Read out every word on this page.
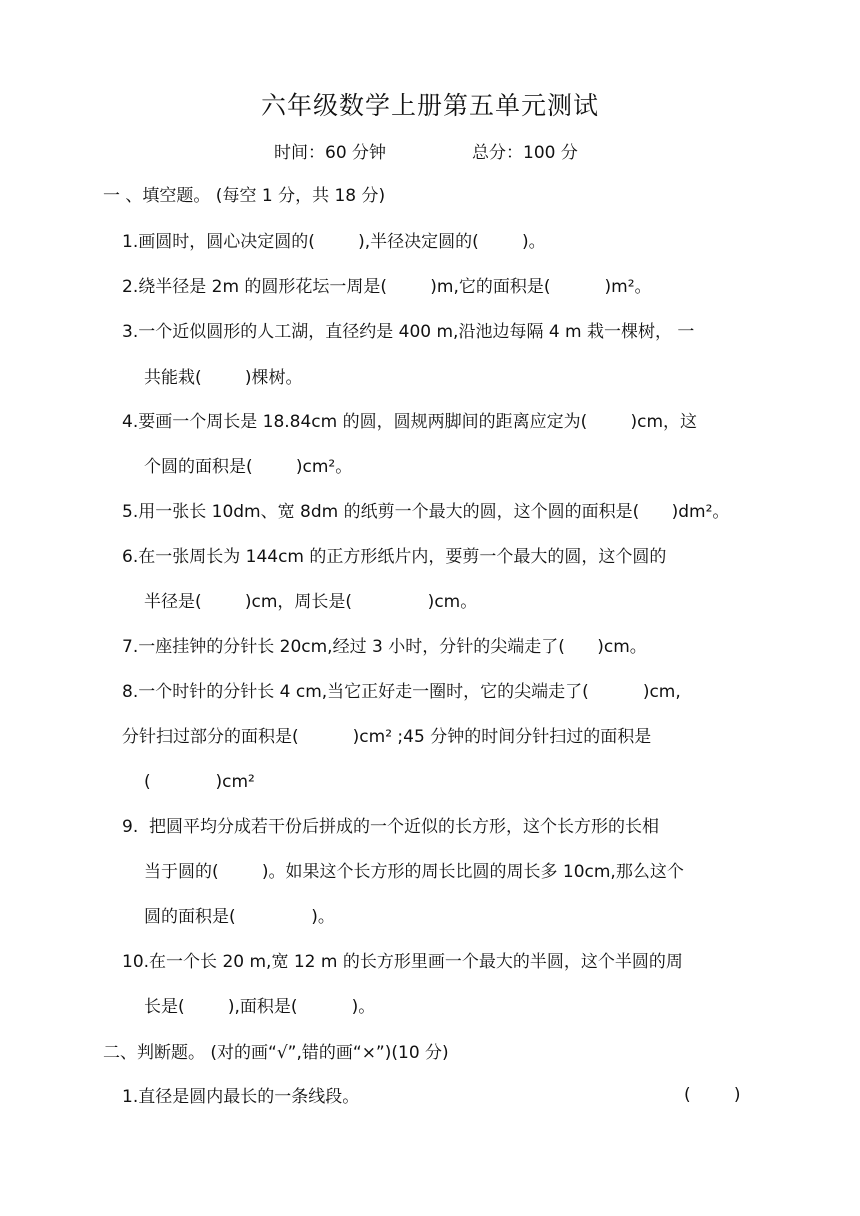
六年级数学上册第五单元测试
时间：60 分钟	总分：100 分
一 、填空题。 (每空 1 分，共 18 分)
1.画圆时，圆心决定圆的(        ),半径决定圆的(        )。
2.绕半径是 2m 的圆形花坛一周是(        )m,它的面积是(          )m²。
3.一个近似圆形的人工湖，直径约是 400 m,沿池边每隔 4 m 栽一棵树， 一
共能栽(        )棵树。
4.要画一个周长是 18.84cm 的圆，圆规两脚间的距离应定为(        )cm，这
个圆的面积是(        )cm²。
5.用一张长 10dm、宽 8dm 的纸剪一个最大的圆，这个圆的面积是(      )dm²。
6.在一张周长为 144cm 的正方形纸片内，要剪一个最大的圆，这个圆的
半径是(        )cm，周长是(              )cm。
7.一座挂钟的分针长 20cm,经过 3 小时，分针的尖端走了(      )cm。
8.一个时针的分针长 4 cm,当它正好走一圈时，它的尖端走了(          )cm,
分针扫过部分的面积是(          )cm² ;45 分钟的时间分针扫过的面积是
(            )cm²
9.  把圆平均分成若干份后拼成的一个近似的长方形，这个长方形的长相
当于圆的(        )。如果这个长方形的周长比圆的周长多 10cm,那么这个
圆的面积是(              )。
10.在一个长 20 m,宽 12 m 的长方形里画一个最大的半圆，这个半圆的周
长是(        ),面积是(          )。
二、判断题。 (对的画“√”,错的画“×”)(10 分)
1.直径是圆内最长的一条线段。	(        )
